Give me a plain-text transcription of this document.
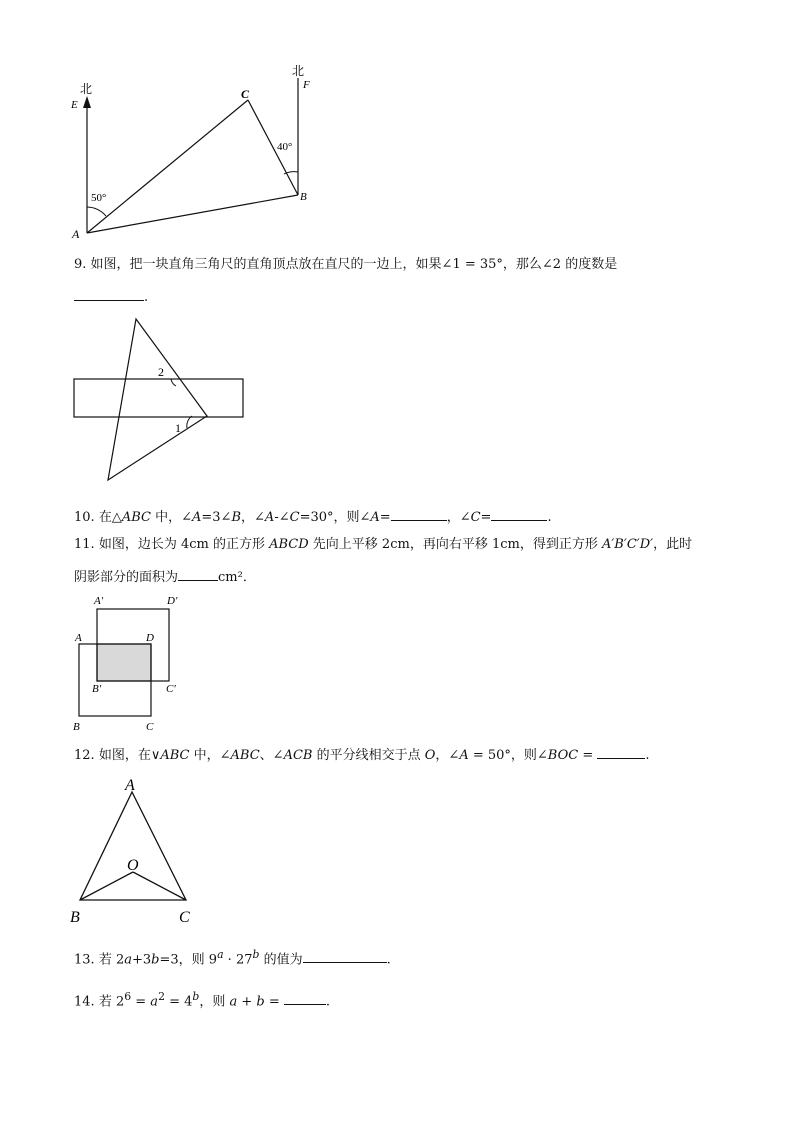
北
北
E
F
C
B
A
50°
40°
9. 如图，把一块直角三角尺的直角顶点放在直尺的一边上，如果∠1 = 35°，那么∠2 的度数是
.
2
1
10. 在△ABC 中，∠A=3∠B，∠A-∠C=30°，则∠A=	，∠C=	.
11. 如图，边长为 4cm 的正方形 ABCD 先向上平移 2cm，再向右平移 1cm，得到正方形 A′B′C′D′，此时
阴影部分的面积为	cm²．
A′	D′
A	D
B′	C′
B	C
12. 如图，在∨ABC 中，∠ABC、∠ACB 的平分线相交于点 O，∠A = 50°，则∠BOC =	.
A
O
B	C
13. 若 2a+3b=3，则 $9^a \cdot 27^b$ 的值为	.
14. 若 $2^6 = a^2 = 4^b$，则 a + b =	.
